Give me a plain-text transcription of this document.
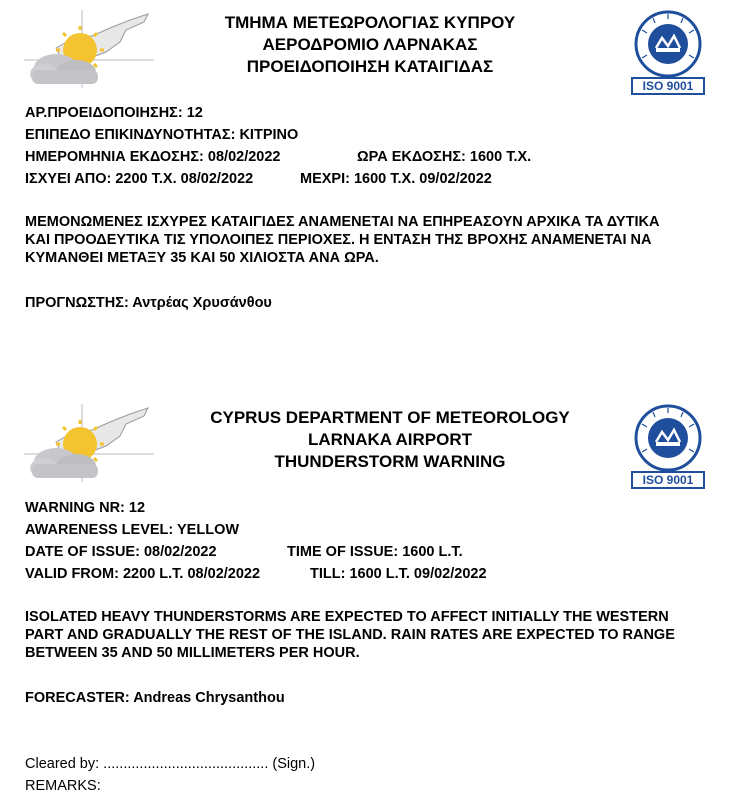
ΤΜΗΜΑ ΜΕΤΕΩΡΟΛΟΓΙΑΣ ΚΥΠΡΟΥ
ΑΕΡΟΔΡΟΜΙΟ ΛΑΡΝΑΚΑΣ
ΠΡΟΕΙΔΟΠΟΙΗΣΗ ΚΑΤΑΙΓΙΔΑΣ
ISO 9001
ΑΡ.ΠΡΟΕΙΔΟΠΟΙΗΣΗΣ: 12
ΕΠΙΠΕΔΟ ΕΠΙΚΙΝΔΥΝΟΤΗΤΑΣ: ΚΙΤΡΙΝΟ
ΗΜΕΡΟΜΗΝΙΑ ΕΚΔΟΣΗΣ: 08/02/2022	ΩΡΑ ΕΚΔΟΣΗΣ: 1600 Τ.Χ.
ΙΣΧΥΕΙ ΑΠΟ: 2200 Τ.Χ. 08/02/2022	ΜΕΧΡΙ: 1600 Τ.Χ. 09/02/2022
ΜΕΜΟΝΩΜΕΝΕΣ ΙΣΧΥΡΕΣ ΚΑΤΑΙΓΙΔΕΣ ΑΝΑΜΕΝΕΤΑΙ ΝΑ ΕΠΗΡΕΑΣΟΥΝ ΑΡΧΙΚΑ ΤΑ ΔΥΤΙΚΑ ΚΑΙ ΠΡΟΟΔΕΥΤΙΚΑ ΤΙΣ ΥΠΟΛΟΙΠΕΣ ΠΕΡΙΟΧΕΣ. Η ΕΝΤΑΣΗ ΤΗΣ ΒΡΟΧΗΣ ΑΝΑΜΕΝΕΤΑΙ ΝΑ ΚΥΜΑΝΘΕΙ ΜΕΤΑΞΥ 35 ΚΑΙ 50 ΧΙΛΙΟΣΤΑ ΑΝΑ ΩΡΑ.
ΠΡΟΓΝΩΣΤΗΣ: Αντρέας Χρυσάνθου
CYPRUS DEPARTMENT OF METEOROLOGY
LARNAKA AIRPORT
THUNDERSTORM WARNING
ISO 9001
WARNING NR: 12
AWARENESS LEVEL: YELLOW
DATE OF ISSUE: 08/02/2022	TIME OF ISSUE: 1600 L.T.
VALID FROM: 2200 L.T. 08/02/2022	TILL: 1600 L.T. 09/02/2022
ISOLATED HEAVY THUNDERSTORMS ARE EXPECTED TO AFFECT INITIALLY THE WESTERN PART AND GRADUALLY THE REST OF THE ISLAND. RAIN RATES ARE EXPECTED TO RANGE BETWEEN 35 AND 50 MILLIMETERS PER HOUR.
FORECASTER: Andreas Chrysanthou
Cleared by: ......................................... (Sign.)
REMARKS:
